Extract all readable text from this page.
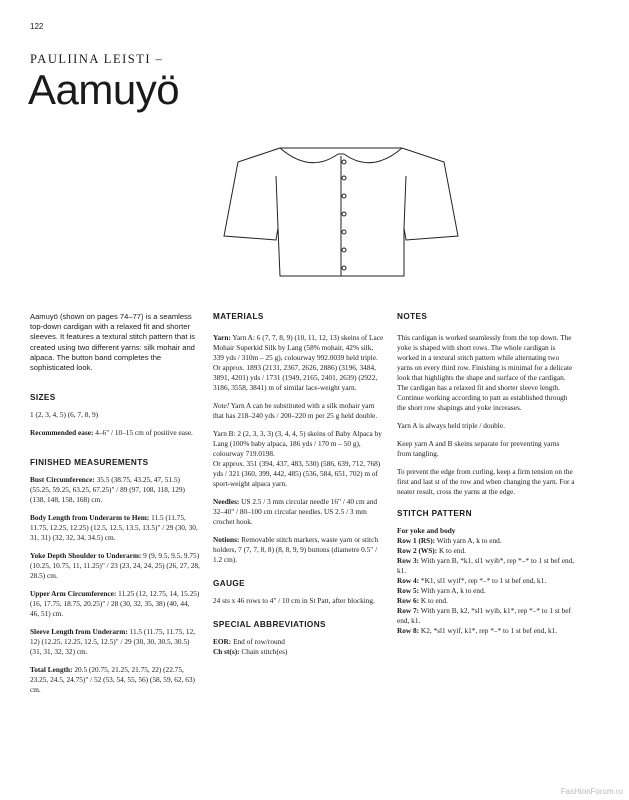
122
PAULIINA LEISTI –
Aamuyö

Aamuyö (shown on pages 74–77) is a seamless top-down cardigan with a relaxed fit and shorter sleeves. It features a textural stitch pattern that is created using two different yarns: silk mohair and alpaca. The button band completes the sophisticated look.

SIZES

1 (2, 3, 4, 5) (6, 7, 8, 9)

Recommended ease: 4–6" / 10–15 cm of positive ease.

FINISHED MEASUREMENTS

Bust Circumference: 35.5 (38.75, 43.25, 47, 51.5) (55.25, 59.25, 63.25, 67.25)" / 89 (97, 108, 118, 129) (138, 148, 158, 168) cm.

Body Length from Underarm to Hem: 11.5 (11.75, 11.75, 12.25, 12.25) (12.5, 12.5, 13.5, 13.5)" / 29 (30, 30, 31, 31) (32, 32, 34, 34.5) cm.

Yoke Depth Shoulder to Underarm: 9 (9, 9.5, 9.5, 9.75) (10.25, 10.75, 11, 11.25)" / 23 (23, 24, 24, 25) (26, 27, 28, 28.5) cm.

Upper Arm Circumference: 11.25 (12, 12.75, 14, 15.25) (16, 17.75, 18.75, 20.25)" / 28 (30, 32, 35, 38) (40, 44, 46, 51) cm.

Sleeve Length from Underarm: 11.5 (11.75, 11.75, 12, 12) (12.25, 12.25, 12.5, 12.5)" / 29 (30, 30, 30.5, 30.5) (31, 31, 32, 32) cm.

Total Length: 20.5 (20.75, 21.25, 21.75, 22) (22.75, 23.25, 24.5, 24.75)" / 52 (53, 54, 55, 56) (58, 59, 62, 63) cm.

MATERIALS

Yarn: Yarn A: 6 (7, 7, 8, 9) (10, 11, 12, 13) skeins of Lace Mohair Superkid Silk by Lang (58% mohair, 42% silk, 339 yds / 310m – 25 g), colourway 992.0039 held triple.
Or approx. 1893 (2131, 2367, 2626, 2886) (3196, 3484, 3891, 4201) yds / 1731 (1949, 2165, 2401, 2639) (2922, 3186, 3558, 3841) m of similar lace-weight yarn.

Note! Yarn A can be substituted with a silk mohair yarn that has 218–240 yds / 200–220 m per 25 g held double.

Yarn B: 2 (2, 3, 3, 3) (3, 4, 4, 5) skeins of Baby Alpaca by Lang (100% baby alpaca, 186 yds / 170 m – 50 g), colourway 719.0198.
Or approx. 351 (394, 437, 483, 530) (586, 639, 712, 768) yds / 321 (360, 399, 442, 485) (536, 584, 651, 702) m of sport-weight alpaca yarn.

Needles: US 2.5 / 3 mm circular needle 16" / 40 cm and 32–40" / 80–100 cm circular needles. US 2.5 / 3 mm crochet hook.

Notions: Removable stitch markers, waste yarn or stitch holders, 7 (7, 7, 8, 8) (8, 8, 9, 9) buttons (diametre 0.5" / 1.2 cm).

GAUGE

24 sts x 46 rows to 4" / 10 cm in St Patt, after blocking.

SPECIAL ABBREVIATIONS

EOR: End of row/round

Ch st(s): Chain stitch(es)

NOTES

This cardigan is worked seamlessly from the top down. The yoke is shaped with short rows. The whole cardigan is worked in a textural stitch pattern while alternating two yarns on every third row. Finishing is minimal for a delicate look that highlights the shape and surface of the cardigan. The cardigan has a relaxed fit and shorter sleeve length. Continue working according to patt as established through the short row shapings and yoke increases.

Yarn A is always held triple / double.

Keep yarn A and B skeins separate for preventing yarns from tangling.

To prevent the edge from curling, keep a firm tension on the first and last st of the row and when changing the yarn. For a neater result, cross the yarns at the edge.

STITCH PATTERN

For yoke and body

Row 1 (RS): With yarn A, k to end.

Row 2 (WS): K to end.

Row 3: With yarn B, *k1, sl1 wyib*, rep *–* to 1 st bef end, k1.

Row 4: *K1, sl1 wyif*, rep *–* to 1 st bef end, k1.

Row 5: With yarn A, k to end.

Row 6: K to end.

Row 7: With yarn B, k2, *sl1 wyib, k1*, rep *–* to 1 st bef end, k1.

Row 8: K2, *sl1 wyif, k1*, rep *–* to 1 st bef end, k1.

FasHionForum.ru
